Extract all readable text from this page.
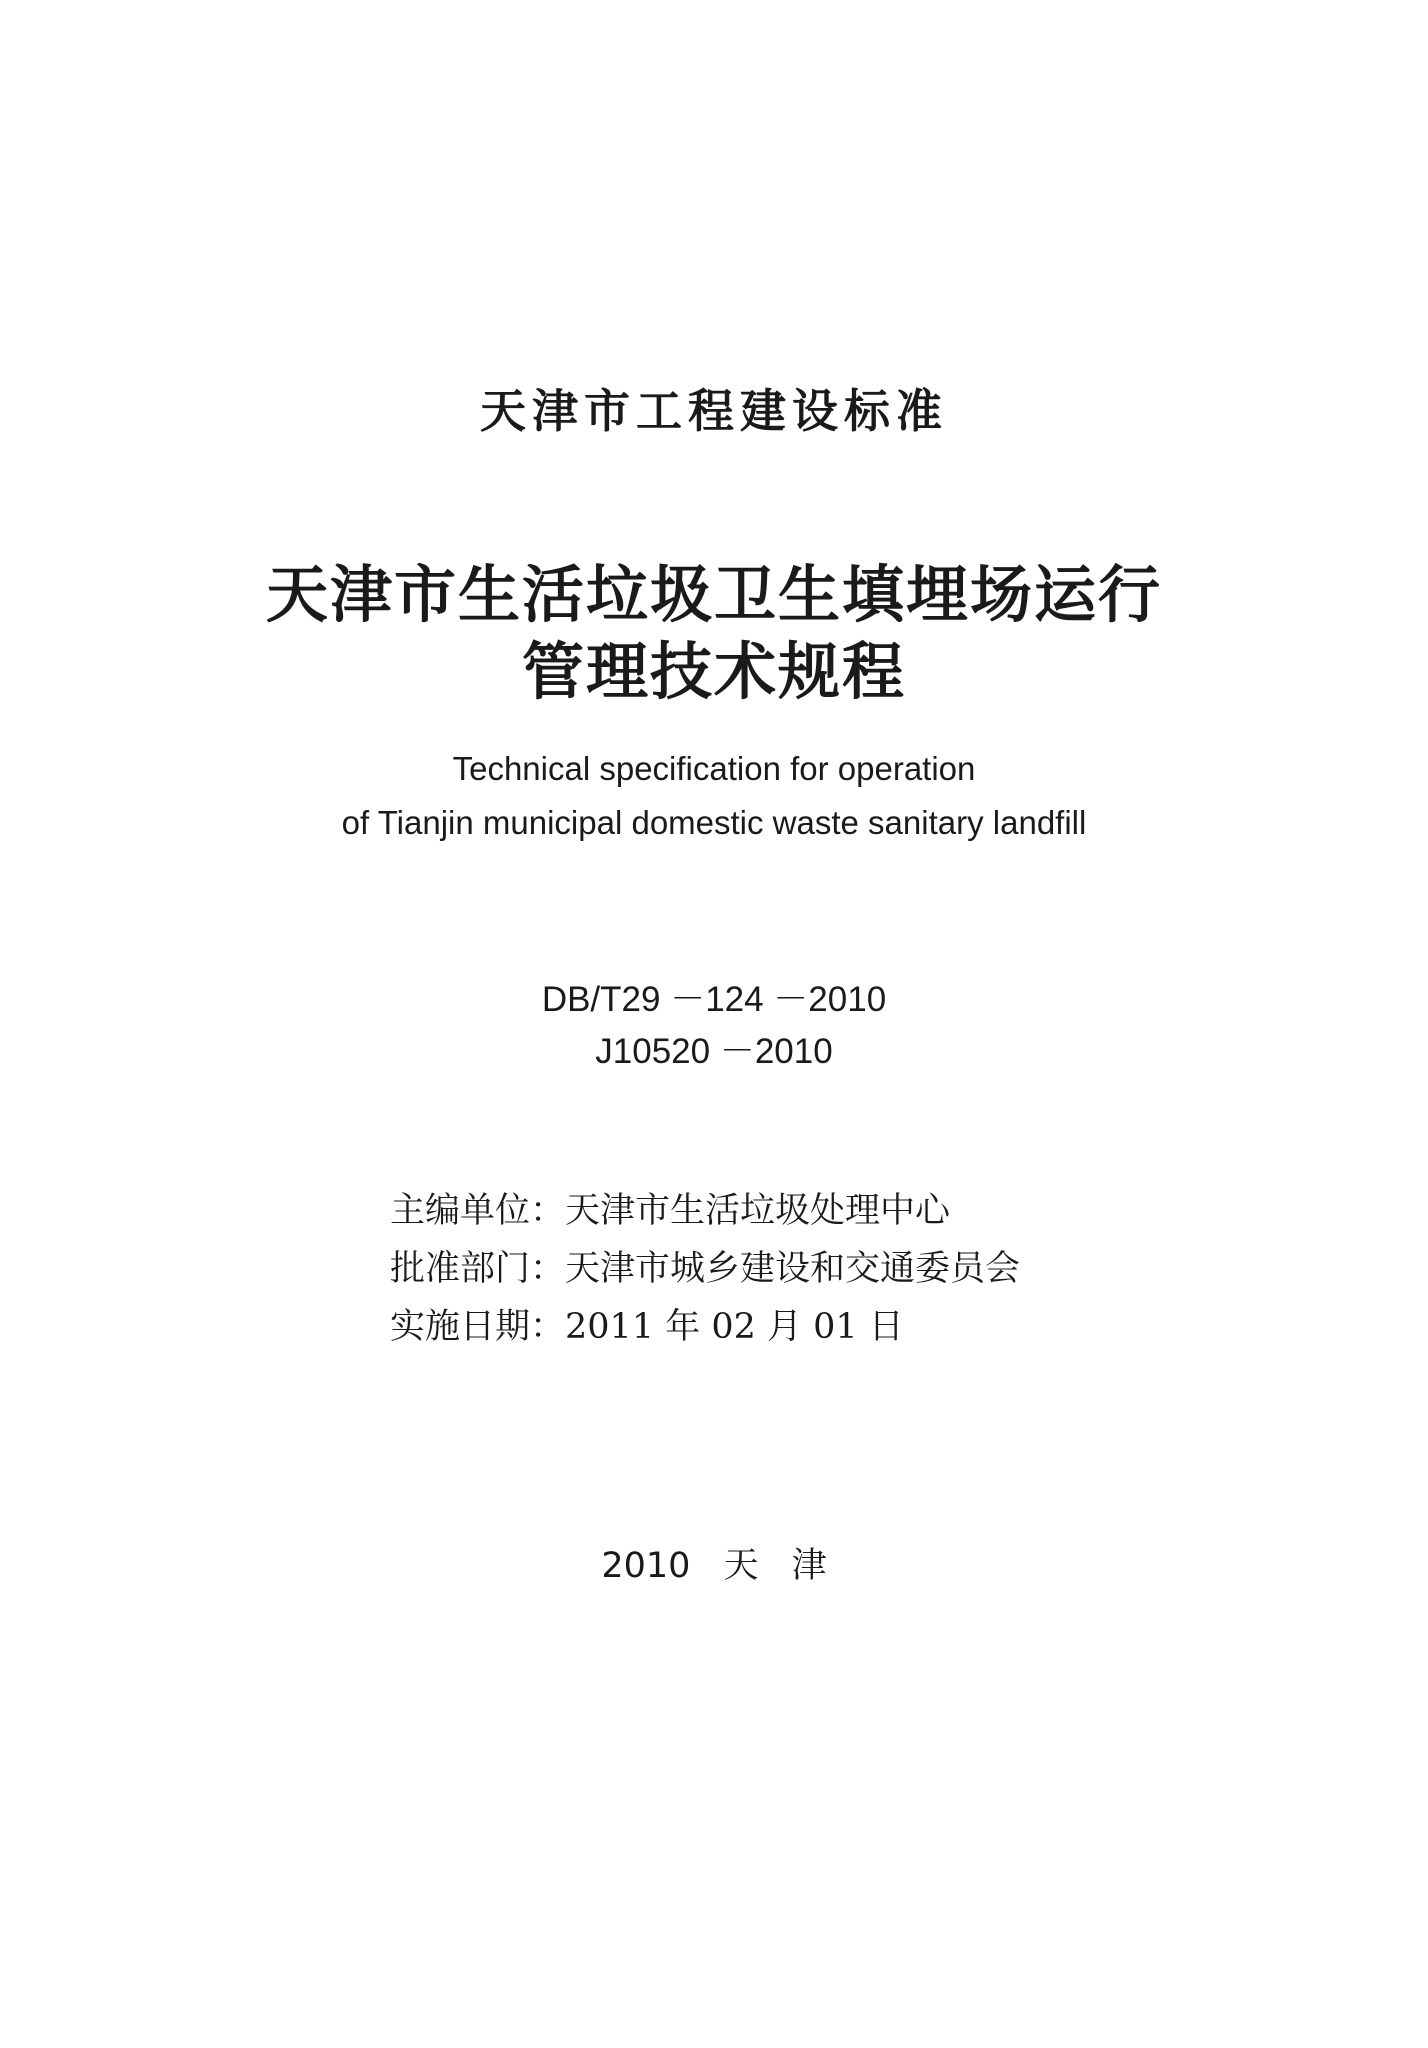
天津市工程建设标准
天津市生活垃圾卫生填埋场运行
管理技术规程
Technical specification for operation
of Tianjin municipal domestic waste sanitary landfill
DB/T29 －124 －2010
J10520 －2010
主编单位：天津市生活垃圾处理中心
批准部门：天津市城乡建设和交通委员会
实施日期：2011 年 02 月 01 日
2010 天 津
